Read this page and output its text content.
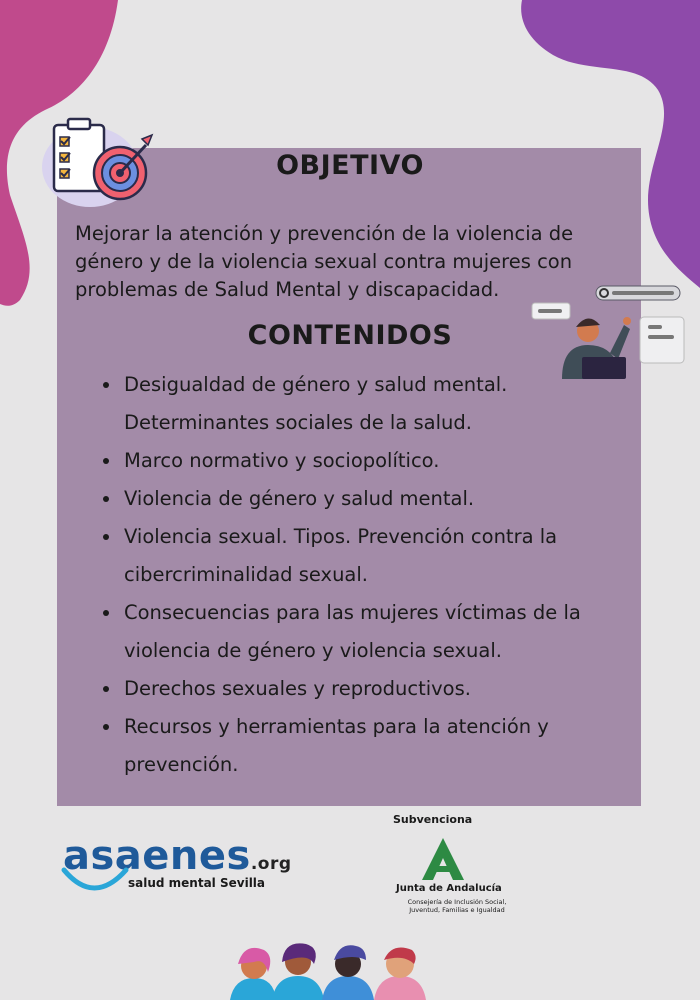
OBJETIVO

Mejorar la atención y prevención de la violencia de género y de la violencia sexual contra mujeres con problemas de Salud Mental y discapacidad.

CONTENIDOS
• Desigualdad de género y salud mental. Determinantes sociales de la salud.
• Marco normativo y sociopolítico.
• Violencia de género y salud mental.
• Violencia sexual. Tipos. Prevención contra la cibercriminalidad sexual.
• Consecuencias para las mujeres víctimas de la violencia de género y violencia sexual.
• Derechos sexuales y reproductivos.
• Recursos y herramientas para la atención y prevención.
asaenes.org
salud mental Sevilla
Subvenciona
Junta de Andalucía
Consejería de Inclusión Social, Juventud, Familias e Igualdad
